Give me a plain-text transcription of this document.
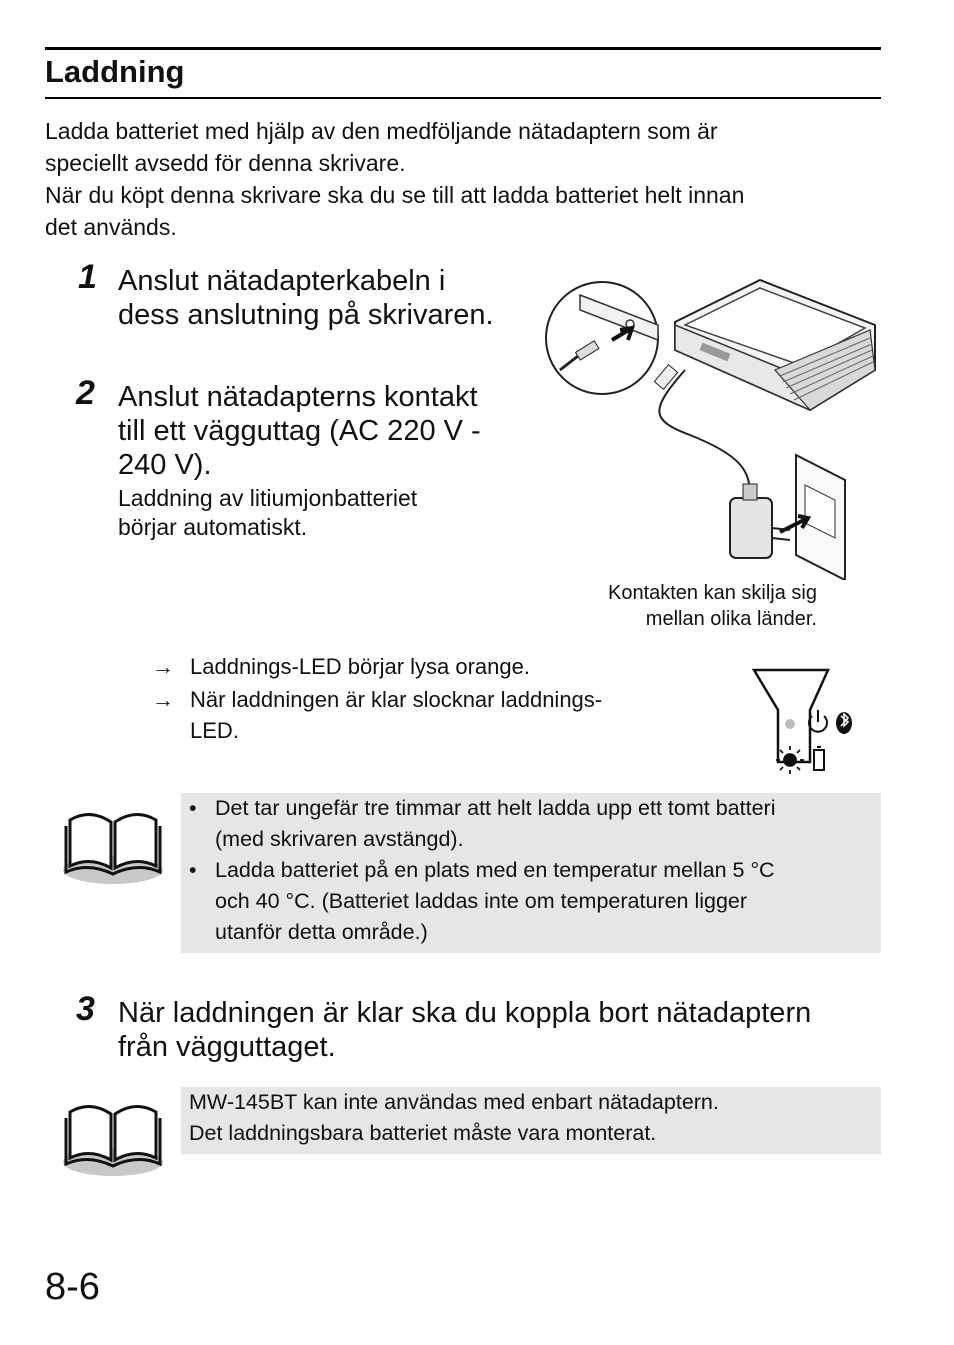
Laddning
Ladda batteriet med hjälp av den medföljande nätadaptern som är
speciellt avsedd för denna skrivare.
När du köpt denna skrivare ska du se till att ladda batteriet helt innan
det används.
1 Anslut nätadapterkabeln i
dess anslutning på skrivaren.
2 Anslut nätadapterns kontakt
till ett vägguttag (AC 220 V -
240 V).
Laddning av litiumjonbatteriet
börjar automatiskt.
Kontakten kan skilja sig
mellan olika länder.
→ Laddnings-LED börjar lysa orange.
→ När laddningen är klar slocknar laddnings-
LED.
• Det tar ungefär tre timmar att helt ladda upp ett tomt batteri
(med skrivaren avstängd).
• Ladda batteriet på en plats med en temperatur mellan 5 °C
och 40 °C. (Batteriet laddas inte om temperaturen ligger
utanför detta område.)
3 När laddningen är klar ska du koppla bort nätadaptern
från vägguttaget.
MW-145BT kan inte användas med enbart nätadaptern.
Det laddningsbara batteriet måste vara monterat.
8-6
